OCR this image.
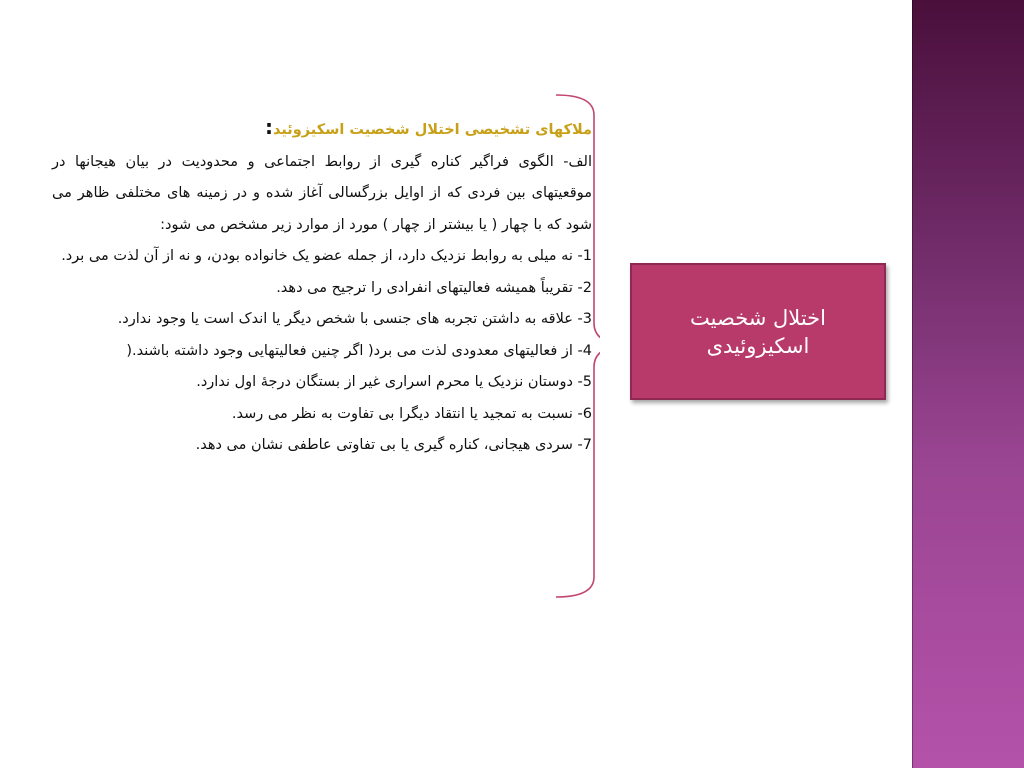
ملاکهای تشخیصی اختلال شخصیت اسکیزوئید:

الف- الگوی فراگیر کناره گیری از روابط اجتماعی و محدودیت در بیان هیجانها در موقعیتهای بین فردی که از اوایل بزرگسالی آغاز شده و در زمینه های مختلفی ظاهر می شود که با چهار ( یا بیشتر از چهار ) مورد از موارد زیر مشخص می شود:

1- نه میلی به روابط نزدیک دارد، از جمله عضو یک خانواده بودن، و نه از آن لذت می برد.

2- تقریباً همیشه فعالیتهای انفرادی را ترجیح می دهد.

3- علاقه به داشتن تجربه های جنسی با شخص دیگر یا اندک است یا وجود ندارد.

4- از فعالیتهای معدودی لذت می برد( اگر چنین فعالیتهایی وجود داشته باشند.(

5- دوستان نزدیک یا محرم اسراری غیر از بستگان درجهٔ اول ندارد.

6- نسبت به تمجید یا انتقاد دیگرا بی تفاوت به نظر می رسد.

7- سردی هیجانی، کناره گیری یا بی تفاوتی عاطفی نشان می دهد.

اختلال شخصیت اسکیزوئیدی
